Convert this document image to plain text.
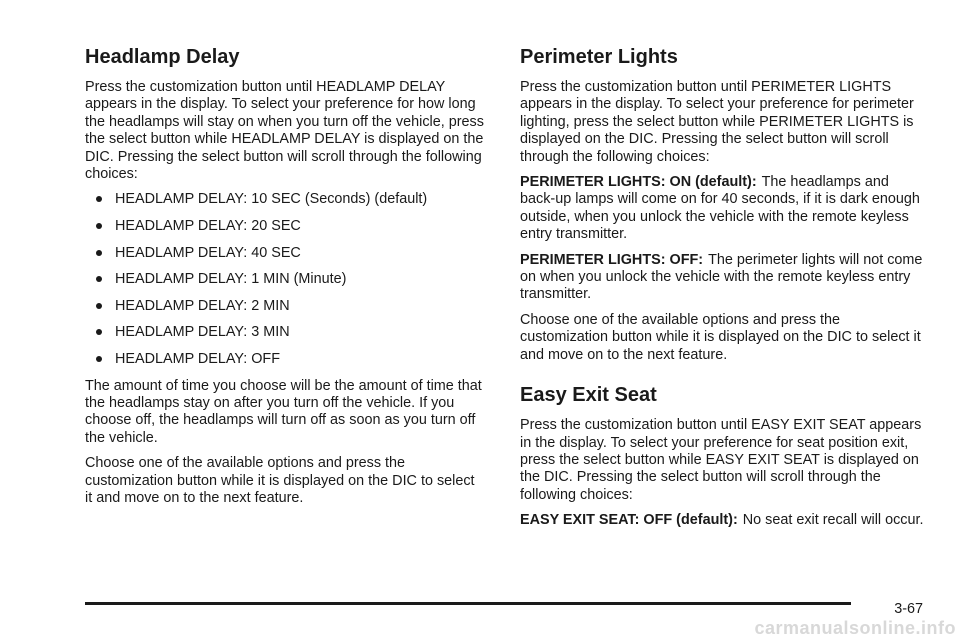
Headlamp Delay

Press the customization button until HEADLAMP DELAY appears in the display. To select your preference for how long the headlamps will stay on when you turn off the vehicle, press the select button while HEADLAMP DELAY is displayed on the DIC. Pressing the select button will scroll through the following choices:

HEADLAMP DELAY: 10 SEC (Seconds) (default)
HEADLAMP DELAY: 20 SEC
HEADLAMP DELAY: 40 SEC
HEADLAMP DELAY: 1 MIN (Minute)
HEADLAMP DELAY: 2 MIN
HEADLAMP DELAY: 3 MIN
HEADLAMP DELAY: OFF

The amount of time you choose will be the amount of time that the headlamps stay on after you turn off the vehicle. If you choose off, the headlamps will turn off as soon as you turn off the vehicle.

Choose one of the available options and press the customization button while it is displayed on the DIC to select it and move on to the next feature.

Perimeter Lights

Press the customization button until PERIMETER LIGHTS appears in the display. To select your preference for perimeter lighting, press the select button while PERIMETER LIGHTS is displayed on the DIC. Pressing the select button will scroll through the following choices:

PERIMETER LIGHTS: ON (default): The headlamps and back-up lamps will come on for 40 seconds, if it is dark enough outside, when you unlock the vehicle with the remote keyless entry transmitter.

PERIMETER LIGHTS: OFF: The perimeter lights will not come on when you unlock the vehicle with the remote keyless entry transmitter.

Choose one of the available options and press the customization button while it is displayed on the DIC to select it and move on to the next feature.

Easy Exit Seat

Press the customization button until EASY EXIT SEAT appears in the display. To select your preference for seat position exit, press the select button while EASY EXIT SEAT is displayed on the DIC. Pressing the select button will scroll through the following choices:

EASY EXIT SEAT: OFF (default): No seat exit recall will occur.

3-67
carmanualsonline.info
